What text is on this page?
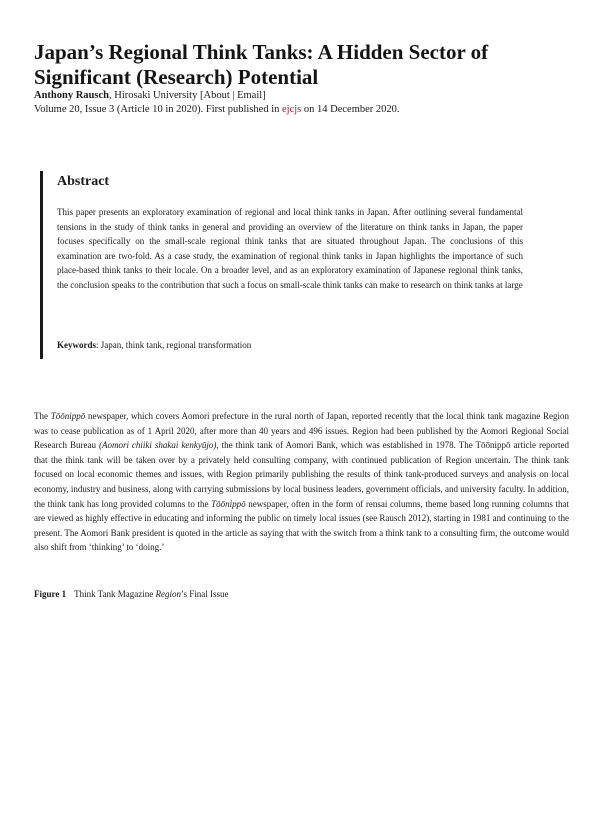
Japan’s Regional Think Tanks: A Hidden Sector of Significant (Research) Potential

Anthony Rausch, Hirosaki University [About | Email]

Volume 20, Issue 3 (Article 10 in 2020). First published in ejcjs on 14 December 2020.

Abstract

This paper presents an exploratory examination of regional and local think tanks in Japan. After outlining several fundamental tensions in the study of think tanks in general and providing an overview of the literature on think tanks in Japan, the paper focuses specifically on the small-scale regional think tanks that are situated throughout Japan. The conclusions of this examination are two-fold. As a case study, the examination of regional think tanks in Japan highlights the importance of such place-based think tanks to their locale. On a broader level, and as an exploratory examination of Japanese regional think tanks, the conclusion speaks to the contribution that such a focus on small-scale think tanks can make to research on think tanks at large

Keywords: Japan, think tank, regional transformation

The Tōōnippō newspaper, which covers Aomori prefecture in the rural north of Japan, reported recently that the local think tank magazine Region was to cease publication as of 1 April 2020, after more than 40 years and 496 issues. Region had been published by the Aomori Regional Social Research Bureau (Aomori chiiki shakai kenkyūjo), the think tank of Aomori Bank, which was established in 1978. The Tōōnippō article reported that the think tank will be taken over by a privately held consulting company, with continued publication of Region uncertain. The think tank focused on local economic themes and issues, with Region primarily publishing the results of think tank-produced surveys and analysis on local economy, industry and business, along with carrying submissions by local business leaders, government officials, and university faculty. In addition, the think tank has long provided columns to the Tōōnippō newspaper, often in the form of rensai columns, theme based long running columns that are viewed as highly effective in educating and informing the public on timely local issues (see Rausch 2012), starting in 1981 and continuing to the present. The Aomori Bank president is quoted in the article as saying that with the switch from a think tank to a consulting firm, the outcome would also shift from ‘thinking’ to ‘doing.’

Figure 1 Think Tank Magazine Region’s Final Issue
